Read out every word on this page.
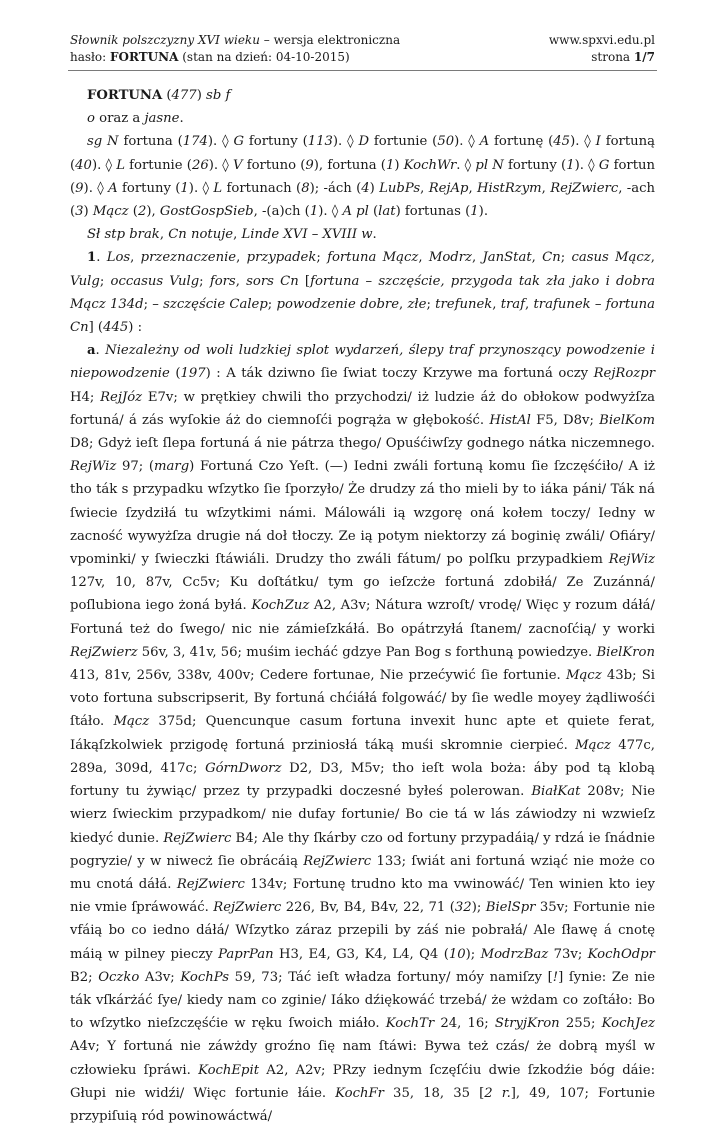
Słownik polszczyzny XVI wieku – wersja elektroniczna	www.spxvi.edu.pl
hasło: FORTUNA (stan na dzień: 04-10-2015)	strona 1/7

FORTUNA (477) sb f

o oraz a jasne.

sg N fortuna (174). ◊ G fortuny (113). ◊ D fortunie (50). ◊ A fortunę (45). ◊ I fortuną (40). ◊ L fortunie (26). ◊ V fortuno (9), fortuna (1) KochWr. ◊ pl N fortuny (1). ◊ G fortun (9). ◊ A fortuny (1). ◊ L fortunach (8); -ách (4) LubPs, RejAp, HistRzym, RejZwierc, -ach (3) Mącz (2), GostGospSieb, -(a)ch (1). ◊ A pl (lat) fortunas (1).

Sł stp brak, Cn notuje, Linde XVI – XVIII w.

1. Los, przeznaczenie, przypadek; fortuna Mącz, Modrz, JanStat, Cn; casus Mącz, Vulg; occasus Vulg; fors, sors Cn [fortuna – szczęście, przygoda tak zła jako i dobra Mącz 134d; – szczęście Calep; powodzenie dobre, złe; trefunek, traf, trafunek – fortuna Cn] (445) :

a. Niezależny od woli ludzkiej splot wydarzeń, ślepy traf przynoszący powodzenie i niepowodzenie (197) : A ták dziwno ſie ſwiat toczy Krzywe ma fortuná oczy RejRozpr H4; RejJóz E7v; w prętkiey chwili tho przychodzi/ iż ludzie áż do obłokow podwyżſza fortuná/ á zás wyſokie áż do ciemnoſći pogrąża w głębokość. HistAl F5, D8v; BielKom D8; Gdyż ieſt ſlepa fortuná á nie pátrza thego/ Opuśćiwſzy godnego nátka niczemnego. RejWiz 97; (marg) Fortuná Czo Yeſt. (—) Iedni zwáli fortuną komu ſie ſzczęśćiło/ A iż tho ták s przypadku wſzytko ſie ſporzyło/ Że drudzy zá tho mieli by to iáka páni/ Ták ná ſwiecie ſzydziłá tu wſzytkimi námi. Málowáli ią wzgorę oná kołem toczy/ Iedny w zacność wywyżſza drugie ná doł tłoczy. Ze ią potym niektorzy zá boginię zwáli/ Ofiáry/ vpominki/ y ſwieczki ſtáwiáli. Drudzy tho zwáli fátum/ po polſku przypadkiem RejWiz 127v, 10, 87v, Cc5v; Ku doſtátku/ tym go ieſzcże fortuná zdobiłá/ Ze Zuzánná/ poſlubiona iego żoná byłá. KochZuz A2, A3v; Nátura wzroſt/ vrodę/ Więc y rozum dáłá/ Fortuná też do ſwego/ nic nie zámieſzkáłá. Bo opátrzyłá ſtanem/ zacnoſćią/ y worki RejZwierz 56v, 3, 41v, 56; muśim iecháć gdzye Pan Bog s forthuną powiedzye. BielKron 413, 81v, 256v, 338v, 400v; Cedere fortunae, Nie przećywić ſie fortunie. Mącz 43b; Si voto fortuna subscripserit, By fortuná chćiáłá folgowáć/ by ſie wedle moyey żądliwośći ſtáło. Mącz 375d; Quencunque casum fortuna invexit hunc apte et quiete ferat, Iákąſzkolwiek przigodę fortuná prziniosłá táką muśi skromnie cierpieć. Mącz 477c, 289a, 309d, 417c; GórnDworz D2, D3, M5v; tho ieſt wola boża: áby pod tą klobą fortuny tu żywiąc/ przez ty przypadki doczesné byłeś polerowan. BiałKat 208v; Nie wierz ſwieckim przypadkom/ nie dufay fortunie/ Bo cie tá w lás záwiodzy ni wzwieſz kiedyć dunie. RejZwierc B4; Ale thy ſkárby czo od fortuny przypadáią/ y rdzá ie ſnádnie pogryzie/ y w niwecż ſie obrácáią RejZwierc 133; ſwiát ani fortuná wziąć nie może co mu cnotá dáłá. RejZwierc 134v; Fortunę trudno kto ma vwinowáć/ Ten winien kto iey nie vmie ſpráwowáć. RejZwierc 226, Bv, B4, B4v, 22, 71 (32); BielSpr 35v; Fortunie nie vfáią bo co iedno dáłá/ Wſzytko záraz przepili by záś nie pobrałá/ Ale ſławę á cnotę máią w pilney pieczy PaprPan H3, E4, G3, K4, L4, Q4 (10); ModrzBaz 73v; KochOdpr B2; Oczko A3v; KochPs 59, 73; Táć ieſt władza fortuny/ móy namiſzy [!] ſynie: Ze nie ták vſkárżáć ſye/ kiedy nam co zginie/ Iáko dźiękowáć trzebá/ że wżdam co zoſtáło: Bo to wſzytko nieſzczęśćie w ręku ſwoich miáło. KochTr 24, 16; StryjKron 255; KochJez A4v; Y fortuná nie záwżdy groźno ſię nam ſtáwi: Bywa też czás/ że dobrą myśl w człowieku ſpráwi. KochEpit A2, A2v; PRzy iednym ſczęſćiu dwie ſzkodźie bóg dáie: Głupi nie widźi/ Więc fortunie łáie. KochFr 35, 18, 35 [2 r.], 49, 107; Fortunie przypiſuią ród powinowáctwá/
